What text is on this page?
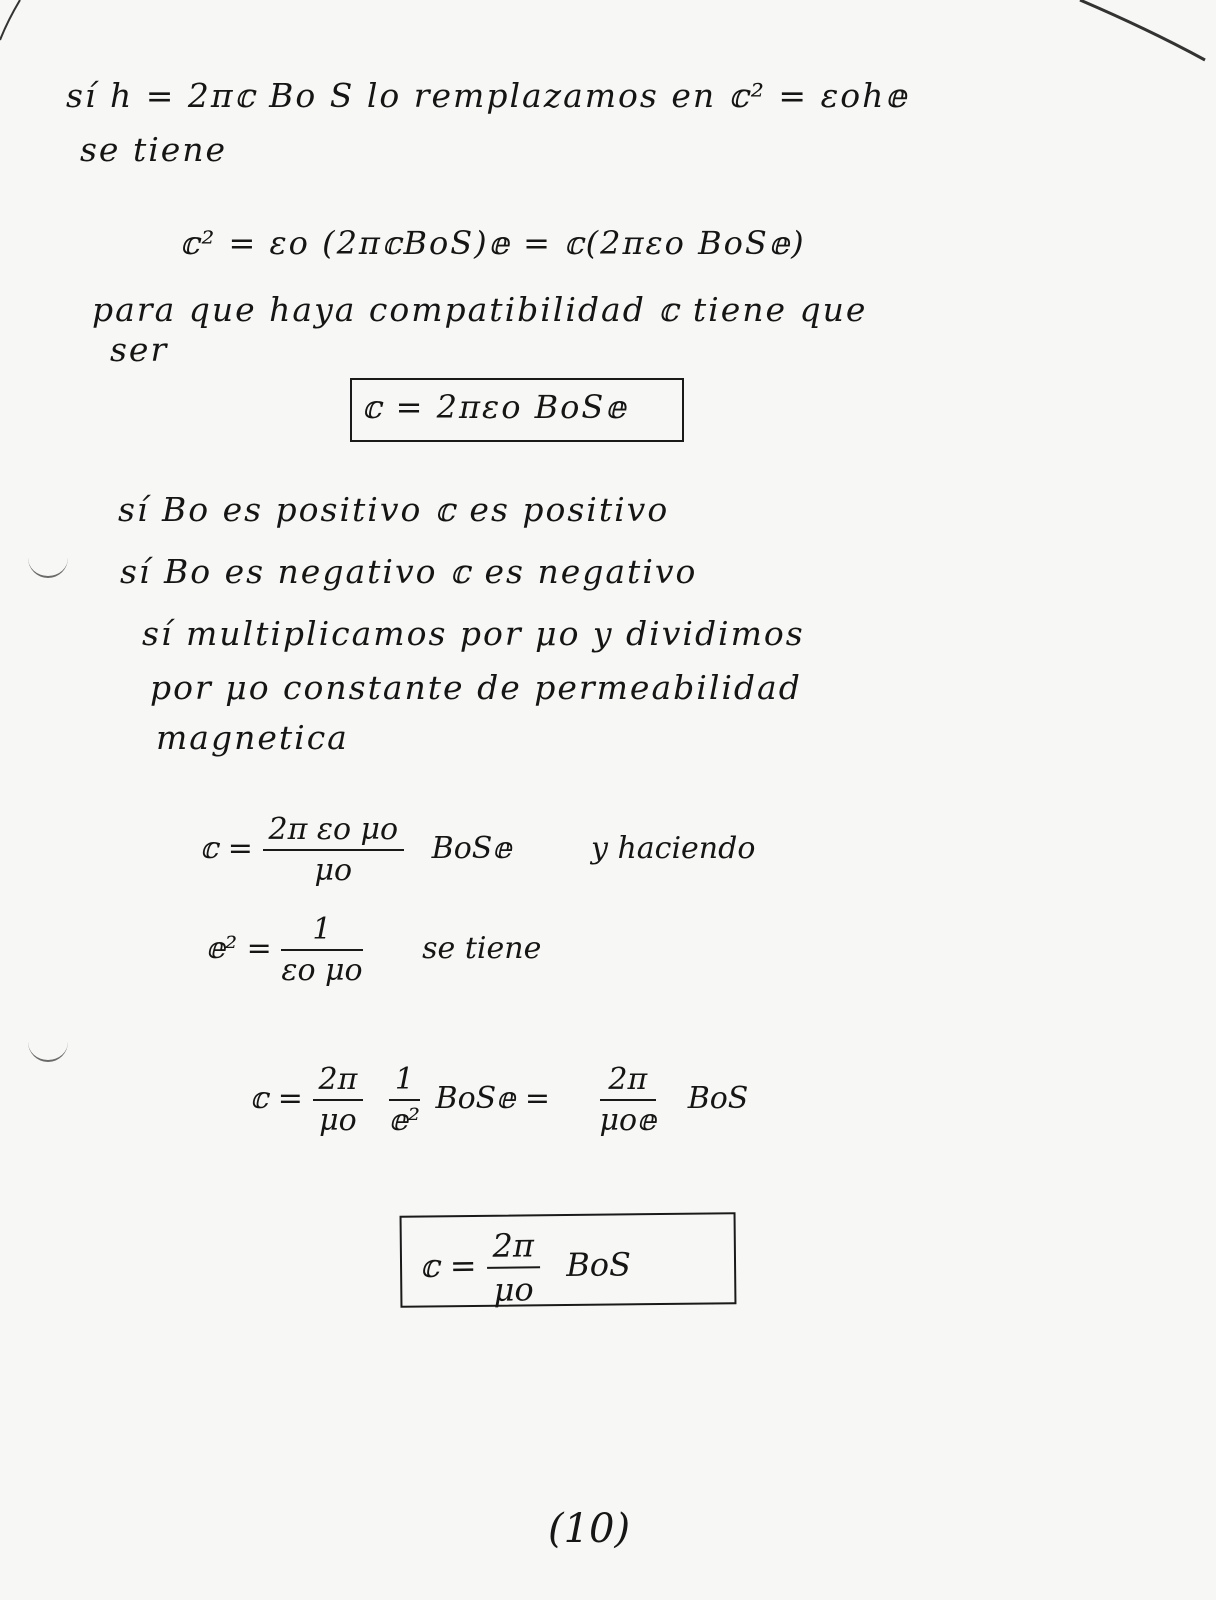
sí h = 2π𝕔 Bo S lo remplazamos en 𝕔² = εoh𝕖
se tiene
𝕔² = εo (2π𝕔BoS)𝕖 = 𝕔(2πεo BoS𝕖)
para que haya compatibilidad 𝕔 tiene que
ser
𝕔 = 2πεo BoS𝕖
sí Bo es positivo 𝕔 es positivo
sí Bo es negativo 𝕔 es negativo
sí multiplicamos por μo y dividimos
por μo constante de permeabilidad
magnetica
𝕔 = $\frac{\text{2π εo μo}}{\mu o}$ BoS𝕖	y haciendo
𝕖² = $\frac{1}{\text{εo μo}}$ se tiene
𝕔 = $\frac{2\pi}{\mu o}$
$\frac{1}{\text{𝕖²}}$ BoS𝕖 = $\frac{2\pi}{\text{μo𝕖}}$ BoS
𝕔 = $\frac{2\pi}{\mu o}$ BoS
(10)
